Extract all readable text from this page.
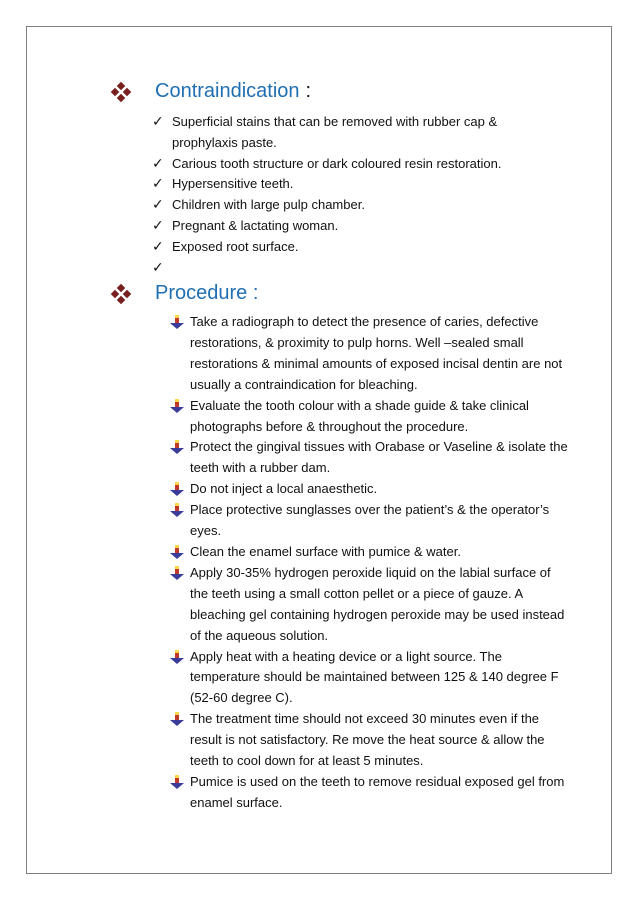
Contraindication :
✓ Superficial stains that can be removed with rubber cap & prophylaxis paste.
✓ Carious tooth structure or dark coloured resin restoration.
✓ Hypersensitive teeth.
✓ Children with large pulp chamber.
✓ Pregnant & lactating woman.
✓ Exposed root surface.
✓

Procedure :
Take a radiograph to detect the presence of caries, defective restorations, & proximity to pulp horns. Well –sealed small restorations & minimal amounts of exposed incisal dentin are not usually a contraindication for bleaching.
Evaluate the tooth colour with a shade guide & take clinical photographs before & throughout the procedure.
Protect the gingival tissues with Orabase or Vaseline & isolate the teeth with a rubber dam.
Do not inject a local anaesthetic.
Place protective sunglasses over the patient’s & the operator’s eyes.
Clean the enamel surface with pumice & water.
Apply 30-35% hydrogen peroxide liquid on the labial surface of the teeth using a small cotton pellet or a piece of gauze. A bleaching gel containing hydrogen peroxide may be used instead of the aqueous solution.
Apply heat with a heating device or a light source. The temperature should be maintained between 125 & 140 degree F (52-60 degree C).
The treatment time should not exceed 30 minutes even if the result is not satisfactory. Re move the heat source & allow the teeth to cool down for at least 5 minutes.
Pumice is used on the teeth to remove residual exposed gel from enamel surface.
